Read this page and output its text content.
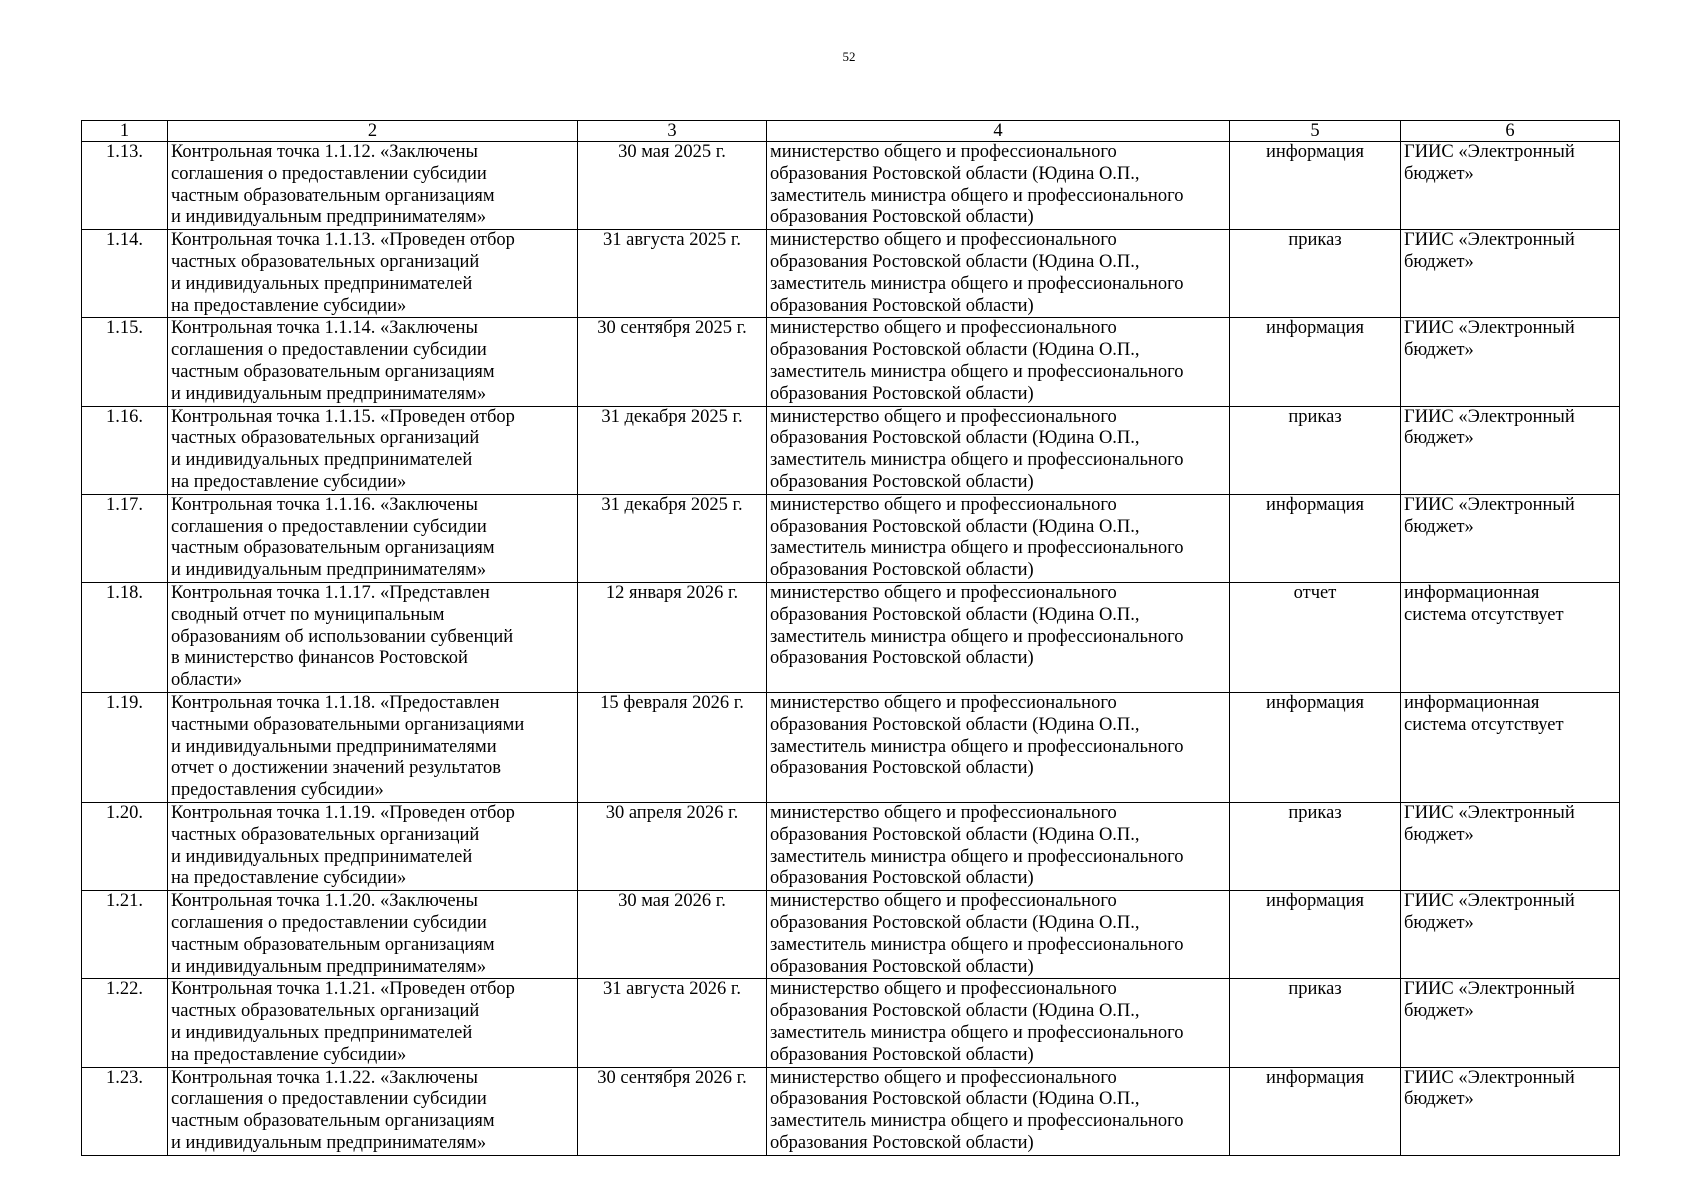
52
1	2	3	4	5	6

1.13.	Контрольная точка 1.1.12. «Заключены
соглашения о предоставлении субсидии
частным образовательным организациям
и индивидуальным предпринимателям»	30 мая 2025 г.	министерство общего и профессионального
образования Ростовской области (Юдина О.П.,
заместитель министра общего и профессионального
образования Ростовской области)	информация	ГИИС «Электронный
бюджет»

1.14.	Контрольная точка 1.1.13. «Проведен отбор
частных образовательных организаций
и индивидуальных предпринимателей
на предоставление субсидии»	31 августа 2025 г.	министерство общего и профессионального
образования Ростовской области (Юдина О.П.,
заместитель министра общего и профессионального
образования Ростовской области)	приказ	ГИИС «Электронный
бюджет»

1.15.	Контрольная точка 1.1.14. «Заключены
соглашения о предоставлении субсидии
частным образовательным организациям
и индивидуальным предпринимателям»	30 сентября 2025 г.	министерство общего и профессионального
образования Ростовской области (Юдина О.П.,
заместитель министра общего и профессионального
образования Ростовской области)	информация	ГИИС «Электронный
бюджет»

1.16.	Контрольная точка 1.1.15. «Проведен отбор
частных образовательных организаций
и индивидуальных предпринимателей
на предоставление субсидии»	31 декабря 2025 г.	министерство общего и профессионального
образования Ростовской области (Юдина О.П.,
заместитель министра общего и профессионального
образования Ростовской области)	приказ	ГИИС «Электронный
бюджет»

1.17.	Контрольная точка 1.1.16. «Заключены
соглашения о предоставлении субсидии
частным образовательным организациям
и индивидуальным предпринимателям»	31 декабря 2025 г.	министерство общего и профессионального
образования Ростовской области (Юдина О.П.,
заместитель министра общего и профессионального
образования Ростовской области)	информация	ГИИС «Электронный
бюджет»

1.18.	Контрольная точка 1.1.17. «Представлен
сводный отчет по муниципальным
образованиям об использовании субвенций
в министерство финансов Ростовской
области»	12 января 2026 г.	министерство общего и профессионального
образования Ростовской области (Юдина О.П.,
заместитель министра общего и профессионального
образования Ростовской области)	отчет	информационная
система отсутствует

1.19.	Контрольная точка 1.1.18. «Предоставлен
частными образовательными организациями
и индивидуальными предпринимателями
отчет о достижении значений результатов
предоставления субсидии»	15 февраля 2026 г.	министерство общего и профессионального
образования Ростовской области (Юдина О.П.,
заместитель министра общего и профессионального
образования Ростовской области)	информация	информационная
система отсутствует

1.20.	Контрольная точка 1.1.19. «Проведен отбор
частных образовательных организаций
и индивидуальных предпринимателей
на предоставление субсидии»	30 апреля 2026 г.	министерство общего и профессионального
образования Ростовской области (Юдина О.П.,
заместитель министра общего и профессионального
образования Ростовской области)	приказ	ГИИС «Электронный
бюджет»

1.21.	Контрольная точка 1.1.20. «Заключены
соглашения о предоставлении субсидии
частным образовательным организациям
и индивидуальным предпринимателям»	30 мая 2026 г.	министерство общего и профессионального
образования Ростовской области (Юдина О.П.,
заместитель министра общего и профессионального
образования Ростовской области)	информация	ГИИС «Электронный
бюджет»

1.22.	Контрольная точка 1.1.21. «Проведен отбор
частных образовательных организаций
и индивидуальных предпринимателей
на предоставление субсидии»	31 августа 2026 г.	министерство общего и профессионального
образования Ростовской области (Юдина О.П.,
заместитель министра общего и профессионального
образования Ростовской области)	приказ	ГИИС «Электронный
бюджет»

1.23.	Контрольная точка 1.1.22. «Заключены
соглашения о предоставлении субсидии
частным образовательным организациям
и индивидуальным предпринимателям»	30 сентября 2026 г.	министерство общего и профессионального
образования Ростовской области (Юдина О.П.,
заместитель министра общего и профессионального
образования Ростовской области)	информация	ГИИС «Электронный
бюджет»
